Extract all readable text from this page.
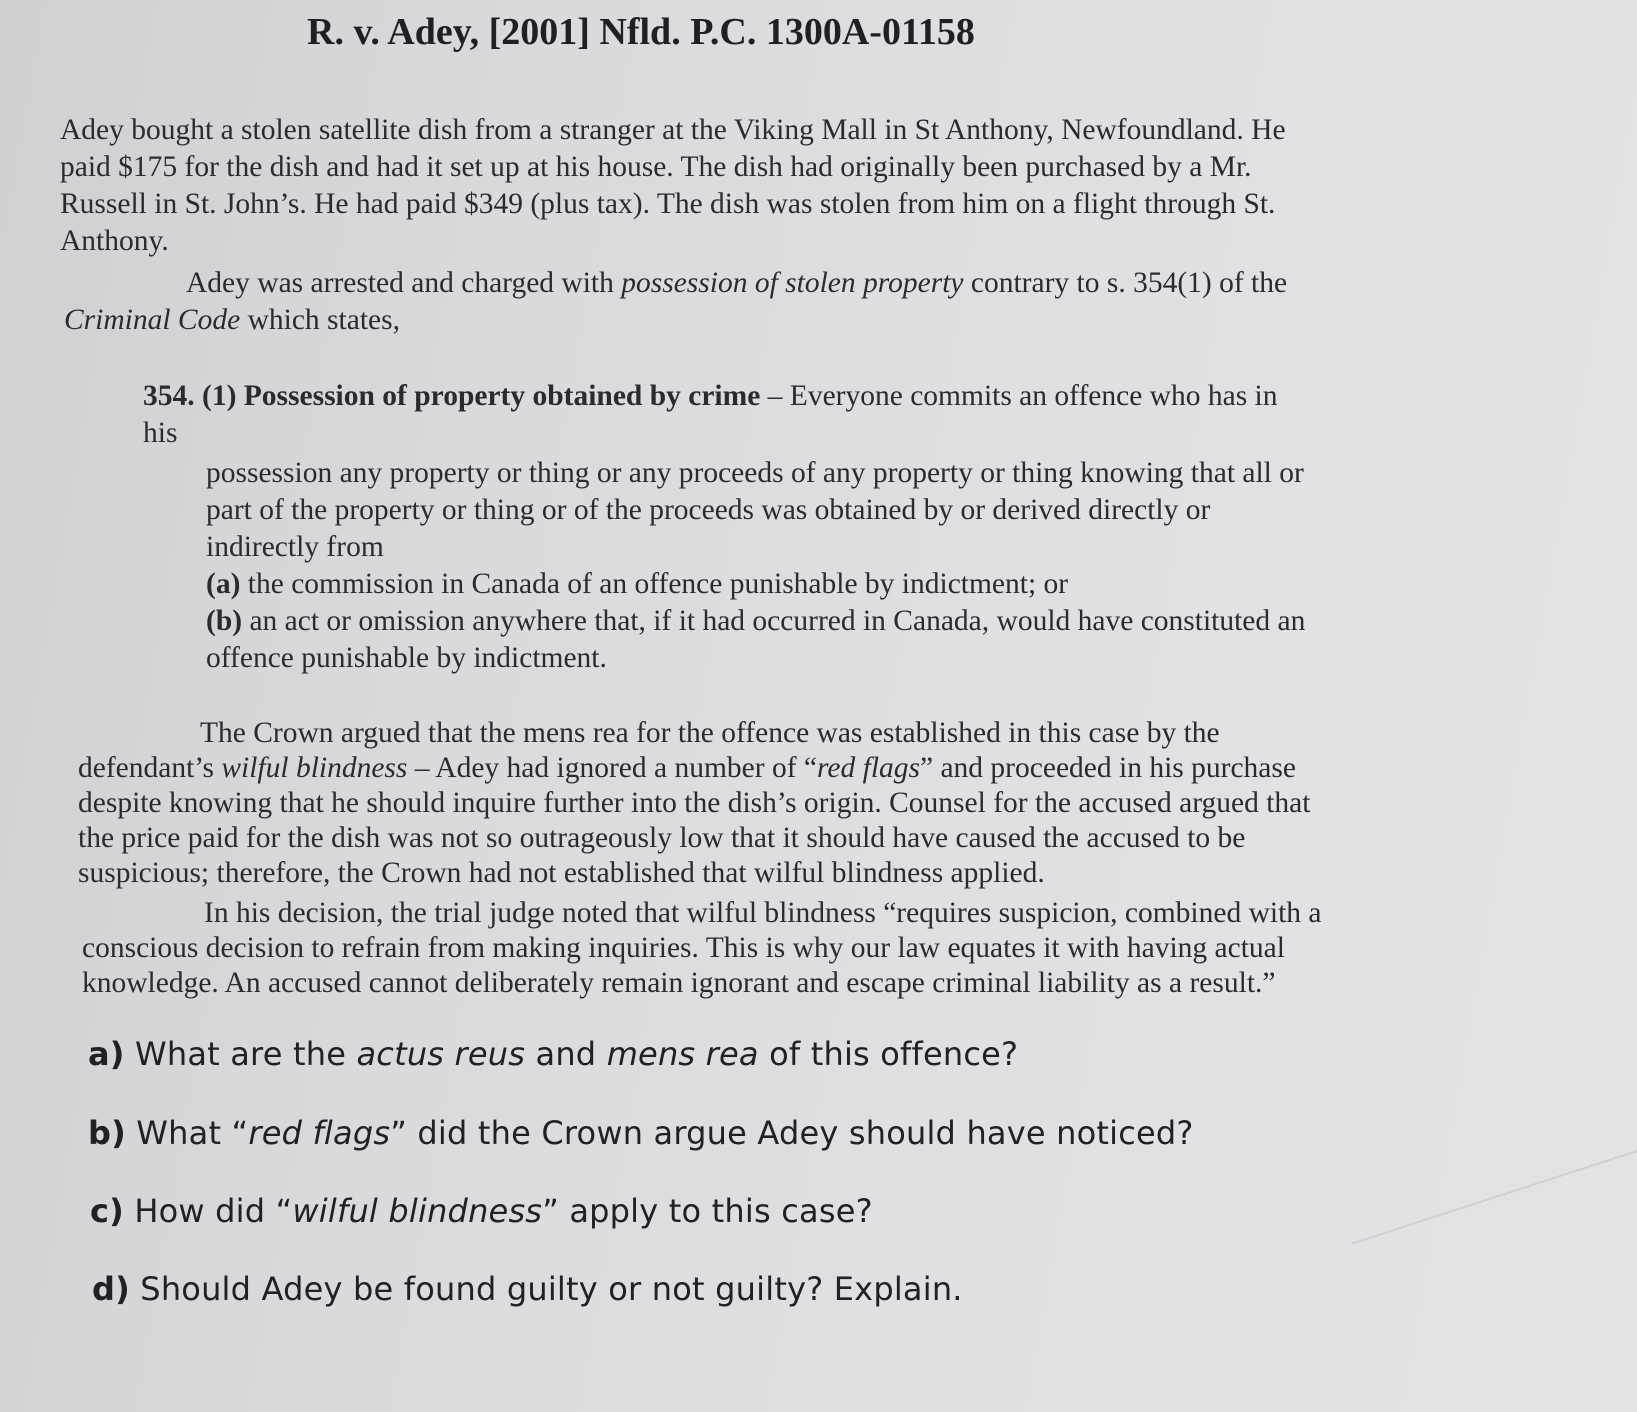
R. v. Adey, [2001] Nfld. P.C. 1300A-01158
Adey bought a stolen satellite dish from a stranger at the Viking Mall in St Anthony, Newfoundland. He
paid $175 for the dish and had it set up at his house. The dish had originally been purchased by a Mr.
Russell in St. John’s. He had paid $349 (plus tax). The dish was stolen from him on a flight through St.
Anthony.
Adey was arrested and charged with possession of stolen property contrary to s. 354(1) of the
Criminal Code which states,
354. (1) Possession of property obtained by crime – Everyone commits an offence who has in
his
possession any property or thing or any proceeds of any property or thing knowing that all or
part of the property or thing or of the proceeds was obtained by or derived directly or
indirectly from
(a) the commission in Canada of an offence punishable by indictment; or
(b) an act or omission anywhere that, if it had occurred in Canada, would have constituted an
offence punishable by indictment.
The Crown argued that the mens rea for the offence was established in this case by the
defendant’s wilful blindness – Adey had ignored a number of “red flags” and proceeded in his purchase
despite knowing that he should inquire further into the dish’s origin. Counsel for the accused argued that
the price paid for the dish was not so outrageously low that it should have caused the accused to be
suspicious; therefore, the Crown had not established that wilful blindness applied.
In his decision, the trial judge noted that wilful blindness “requires suspicion, combined with a
conscious decision to refrain from making inquiries. This is why our law equates it with having actual
knowledge. An accused cannot deliberately remain ignorant and escape criminal liability as a result.”
a) What are the actus reus and mens rea of this offence?
b) What “red flags” did the Crown argue Adey should have noticed?
c) How did “wilful blindness” apply to this case?
d) Should Adey be found guilty or not guilty? Explain.
